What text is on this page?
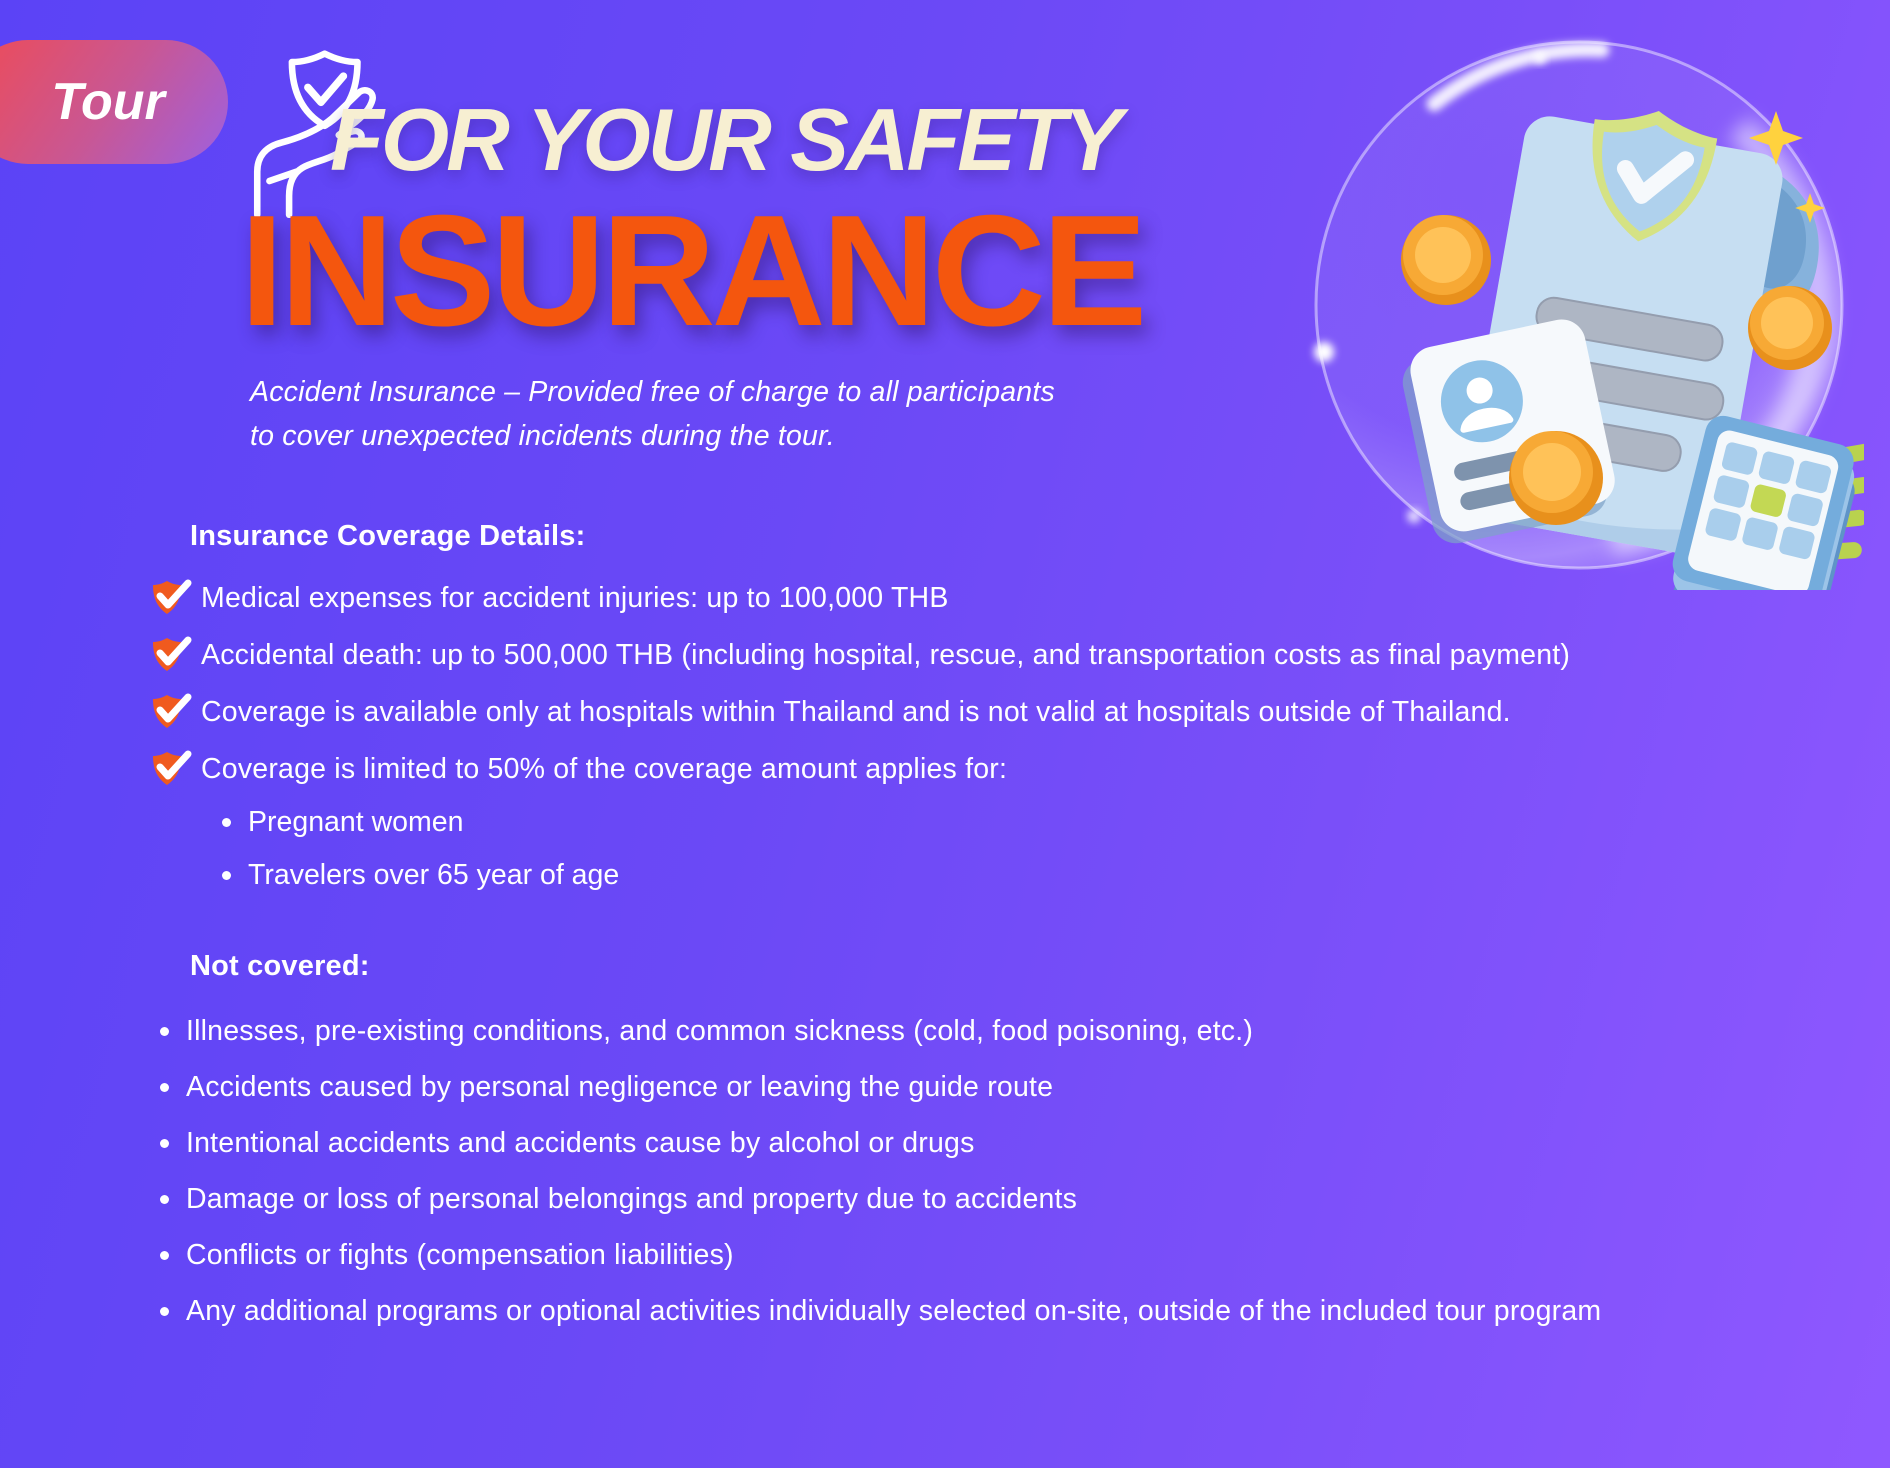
Tour FOR YOUR SAFETY
INSURANCE
Accident Insurance – Provided free of charge to all participants
to cover unexpected incidents during the tour.
Insurance Coverage Details:
Medical expenses for accident injuries: up to 100,000 THB
Accidental death: up to 500,000 THB (including hospital, rescue, and transportation costs as final payment)
Coverage is available only at hospitals within Thailand and is not valid at hospitals outside of Thailand.
Coverage is limited to 50% of the coverage amount applies for:
Pregnant women
Travelers over 65 year of age
Not covered:
Illnesses, pre-existing conditions, and common sickness (cold, food poisoning, etc.)
Accidents caused by personal negligence or leaving the guide route
Intentional accidents and accidents cause by alcohol or drugs
Damage or loss of personal belongings and property due to accidents
Conflicts or fights (compensation liabilities)
Any additional programs or optional activities individually selected on-site, outside of the included tour program
